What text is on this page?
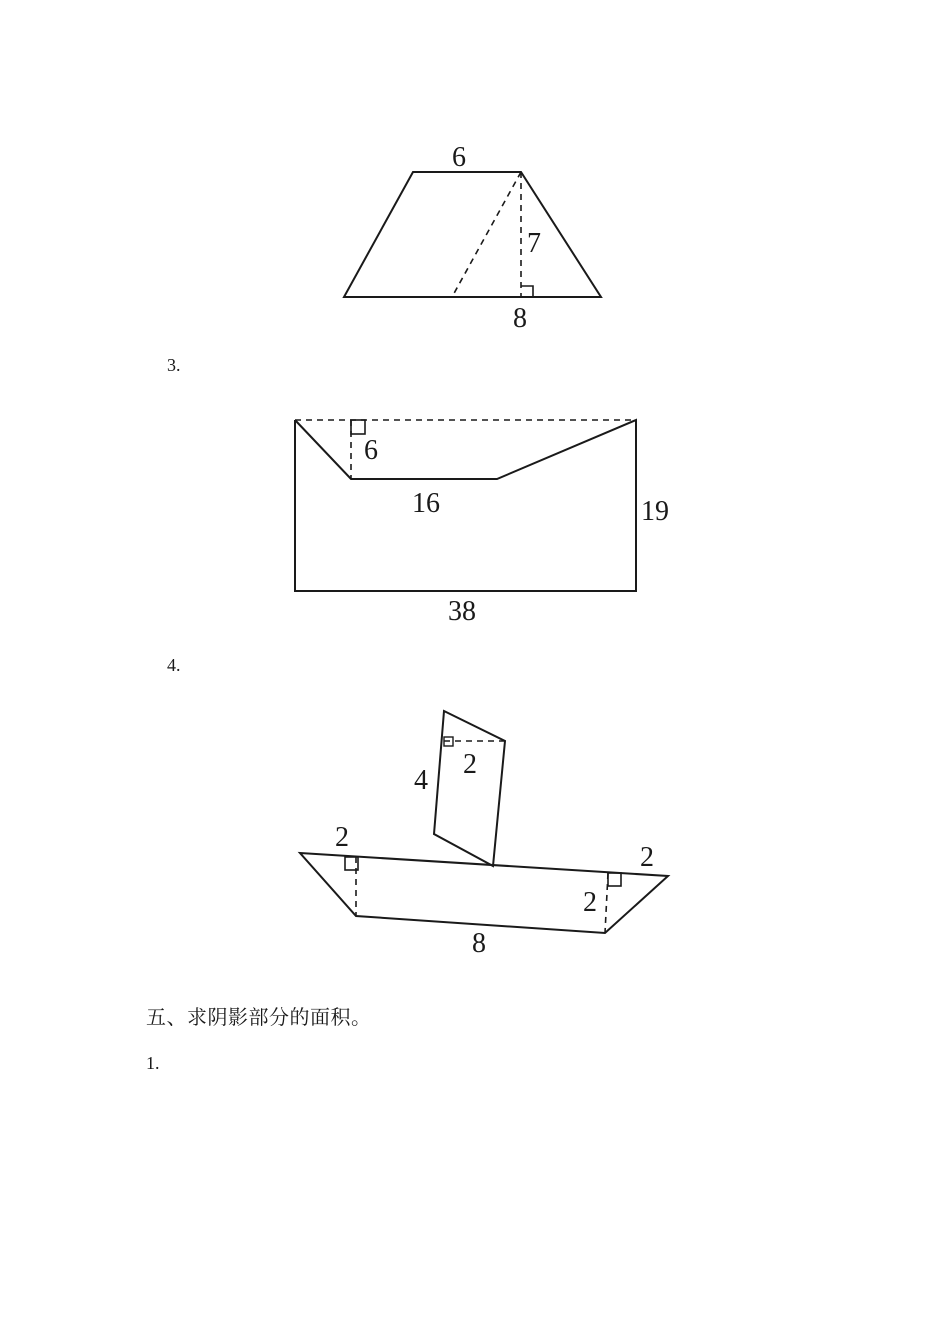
6
7
8
3.
6
16	19
38
4.
4
2
2
2
2
8
五、求阴影部分的面积。
1.
